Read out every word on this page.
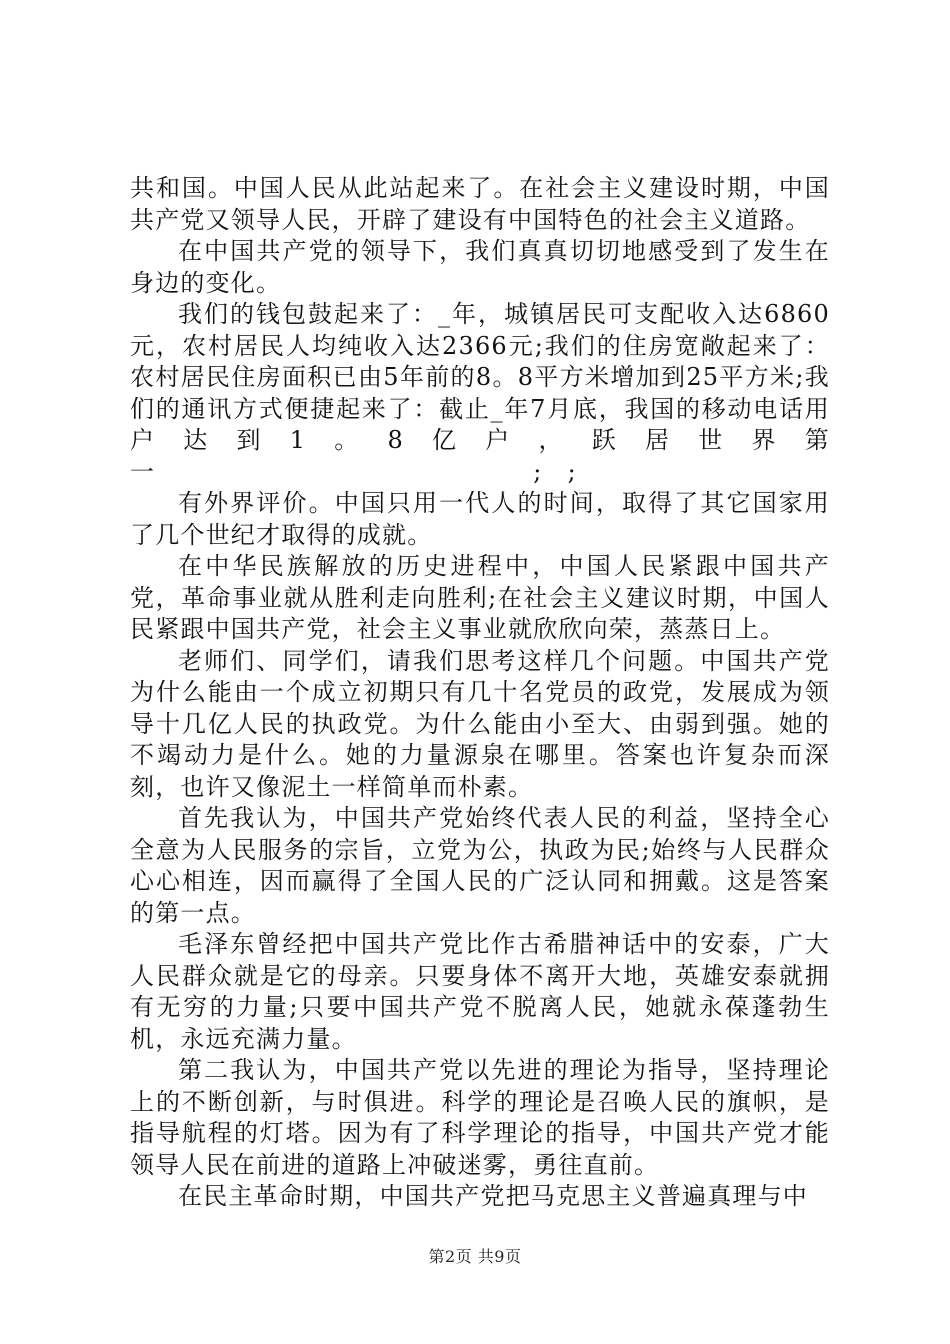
共和国。中国人民从此站起来了。在社会主义建设时期，中国共产党又领导人民，开辟了建设有中国特色的社会主义道路。

在中国共产党的领导下，我们真真切切地感受到了发生在身边的变化。

我们的钱包鼓起来了：_年，城镇居民可支配收入达6860元，农村居民人均纯收入达2366元;我们的住房宽敞起来了：农村居民住房面积已由5年前的8。8平方米增加到25平方米;我们的通讯方式便捷起来了：截止_年7月底，我国的移动电话用户达到1。8亿户，跃居世界第一　　　　　　　　　　　　　　　;　;

有外界评价。中国只用一代人的时间，取得了其它国家用了几个世纪才取得的成就。

在中华民族解放的历史进程中，中国人民紧跟中国共产党，革命事业就从胜利走向胜利;在社会主义建议时期，中国人民紧跟中国共产党，社会主义事业就欣欣向荣，蒸蒸日上。

老师们、同学们，请我们思考这样几个问题。中国共产党为什么能由一个成立初期只有几十名党员的政党，发展成为领导十几亿人民的执政党。为什么能由小至大、由弱到强。她的不竭动力是什么。她的力量源泉在哪里。答案也许复杂而深刻，也许又像泥土一样简单而朴素。

首先我认为，中国共产党始终代表人民的利益，坚持全心全意为人民服务的宗旨，立党为公，执政为民;始终与人民群众心心相连，因而赢得了全国人民的广泛认同和拥戴。这是答案的第一点。

毛泽东曾经把中国共产党比作古希腊神话中的安泰，广大人民群众就是它的母亲。只要身体不离开大地，英雄安泰就拥有无穷的力量;只要中国共产党不脱离人民，她就永葆蓬勃生机，永远充满力量。

第二我认为，中国共产党以先进的理论为指导，坚持理论上的不断创新，与时俱进。科学的理论是召唤人民的旗帜，是指导航程的灯塔。因为有了科学理论的指导，中国共产党才能领导人民在前进的道路上冲破迷雾，勇往直前。

在民主革命时期，中国共产党把马克思主义普遍真理与中

第2页 共9页
